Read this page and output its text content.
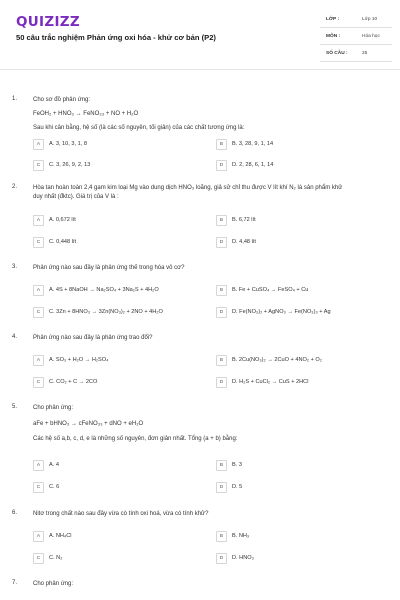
QUIZIZZ
50 câu trắc nghiệm Phản ứng oxi hóa - khử cơ bản (P2)
LỚP :	Lớp 10
MÔN :	Hóa học
SỐ CÂU :	25
1.	Cho sơ đồ phản ứng:
FeOH₂ + HNO₃ → FeNO₃₃ + NO + H₂O
Sau khi cân bằng, hệ số (là các số nguyên, tối giản) của các chất tương ứng là:
A	A. 3, 10, 3, 1, 8	B	B. 3, 28, 9, 1, 14
C	C. 3, 26, 9, 2, 13	D	D. 2, 28, 6, 1, 14
2.	Hòa tan hoàn toàn 2,4 gam kim loại Mg vào dung dịch HNO₃ loãng, giả sử chỉ thu được V lít khí N₂ là sản phẩm khử
duy nhất (đktc). Giá trị của V là :
A	A. 0,672 lít	B	B. 6,72 lít
C	C. 0,448 lít	D	D. 4,48 lít
3.	Phản ứng nào sau đây là phản ứng thế trong hóa vô cơ?
A	A. 4S + 8NaOH → Na₂SO₄ + 3Na₂S + 4H₂O	B	B. Fe + CuSO₄ → FeSO₄ + Cu
C	C. 3Zn + 8HNO₃ → 3Zn(NO₃)₂ + 2NO + 4H₂O	D	D. Fe(NO₃)₂ + AgNO₃ → Fe(NO₃)₃ + Ag
4.	Phản ứng nào sau đây là phản ứng trao đổi?
A	A. SO₃ + H₂O → H₂SO₄	B	B. 2Cu(NO₃)₂ → 2CuO + 4NO₂ + O₂
C	C. CO₂ + C → 2CO	D	D. H₂S + CuCl₂ → CuS + 2HCl
5.	Cho phản ứng:
aFe + bHNO₃ → cFeNO₃₃ + dNO + eH₂O
Các hệ số a,b, c, d, e là những số nguyên, đơn giản nhất. Tổng (a + b) bằng:
A	A. 4	B	B. 3
C	C. 6	D	D. 5
6.	Nitơ trong chất nào sau đây vừa có tính oxi hoá, vừa có tính khử?
A	A. NH₄Cl	B	B. NH₃
C	C. N₂	D	D. HNO₃
7.	Cho phản ứng:
